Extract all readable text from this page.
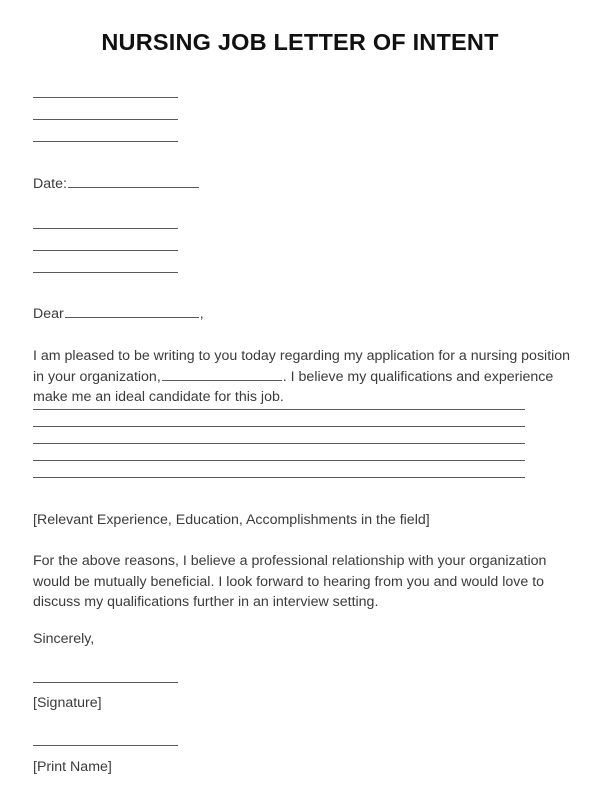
NURSING JOB LETTER OF INTENT
Date:
Dear	,
I am pleased to be writing to you today regarding my application for a nursing position in your organization,	. I believe my qualifications and experience make me an ideal candidate for this job.
[Relevant Experience, Education, Accomplishments in the field]
For the above reasons, I believe a professional relationship with your organization would be mutually beneficial. I look forward to hearing from you and would love to discuss my qualifications further in an interview setting.
Sincerely,
[Signature]
[Print Name]
